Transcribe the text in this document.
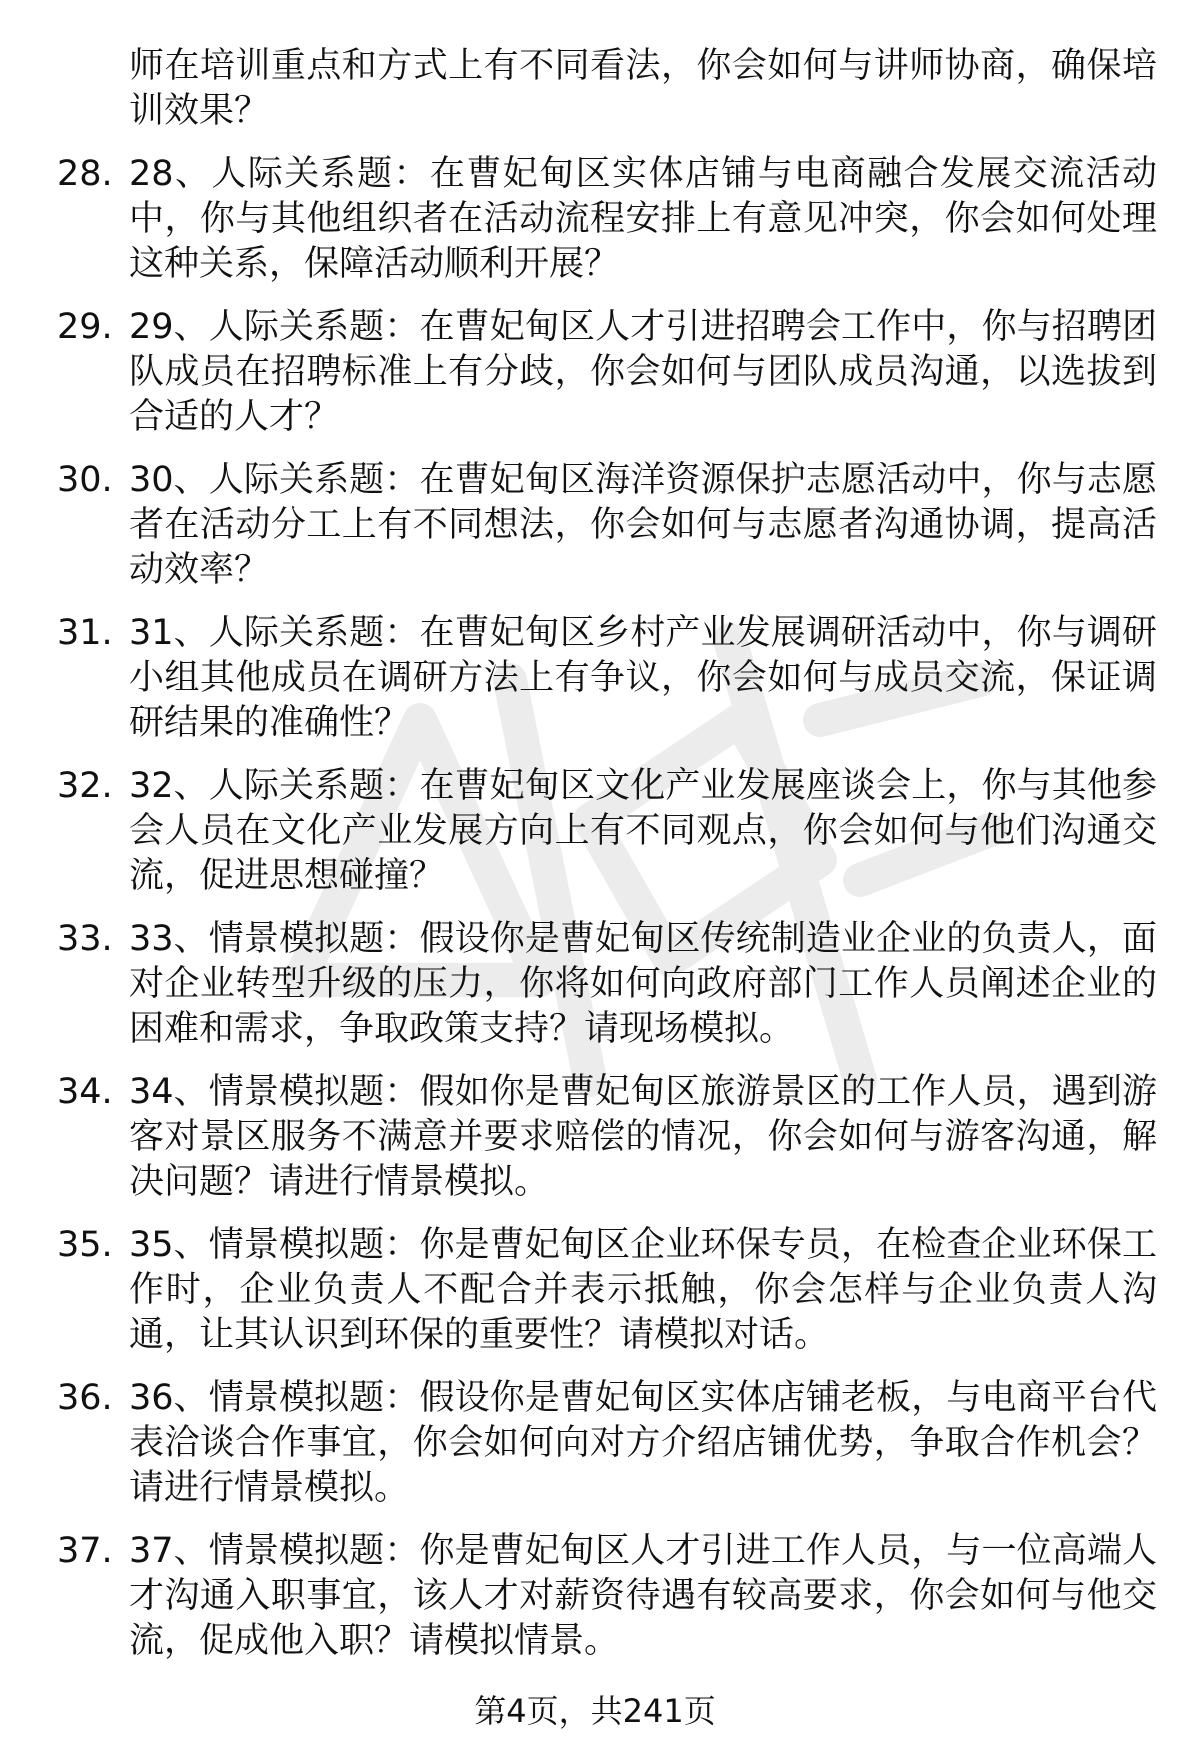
师在培训重点和方式上有不同看法，你会如何与讲师协商，确保培训效果？
28. 28、人际关系题：在曹妃甸区实体店铺与电商融合发展交流活动中，你与其他组织者在活动流程安排上有意见冲突，你会如何处理这种关系，保障活动顺利开展？
29. 29、人际关系题：在曹妃甸区人才引进招聘会工作中，你与招聘团队成员在招聘标准上有分歧，你会如何与团队成员沟通，以选拔到合适的人才？
30. 30、人际关系题：在曹妃甸区海洋资源保护志愿活动中，你与志愿者在活动分工上有不同想法，你会如何与志愿者沟通协调，提高活动效率？
31. 31、人际关系题：在曹妃甸区乡村产业发展调研活动中，你与调研小组其他成员在调研方法上有争议，你会如何与成员交流，保证调研结果的准确性？
32. 32、人际关系题：在曹妃甸区文化产业发展座谈会上，你与其他参会人员在文化产业发展方向上有不同观点，你会如何与他们沟通交流，促进思想碰撞？
33. 33、情景模拟题：假设你是曹妃甸区传统制造业企业的负责人，面对企业转型升级的压力，你将如何向政府部门工作人员阐述企业的困难和需求，争取政策支持？请现场模拟。
34. 34、情景模拟题：假如你是曹妃甸区旅游景区的工作人员，遇到游客对景区服务不满意并要求赔偿的情况，你会如何与游客沟通，解决问题？请进行情景模拟。
35. 35、情景模拟题：你是曹妃甸区企业环保专员，在检查企业环保工作时，企业负责人不配合并表示抵触，你会怎样与企业负责人沟通，让其认识到环保的重要性？请模拟对话。
36. 36、情景模拟题：假设你是曹妃甸区实体店铺老板，与电商平台代表洽谈合作事宜，你会如何向对方介绍店铺优势，争取合作机会？请进行情景模拟。
37. 37、情景模拟题：你是曹妃甸区人才引进工作人员，与一位高端人才沟通入职事宜，该人才对薪资待遇有较高要求，你会如何与他交流，促成他入职？请模拟情景。
第4页，共241页
